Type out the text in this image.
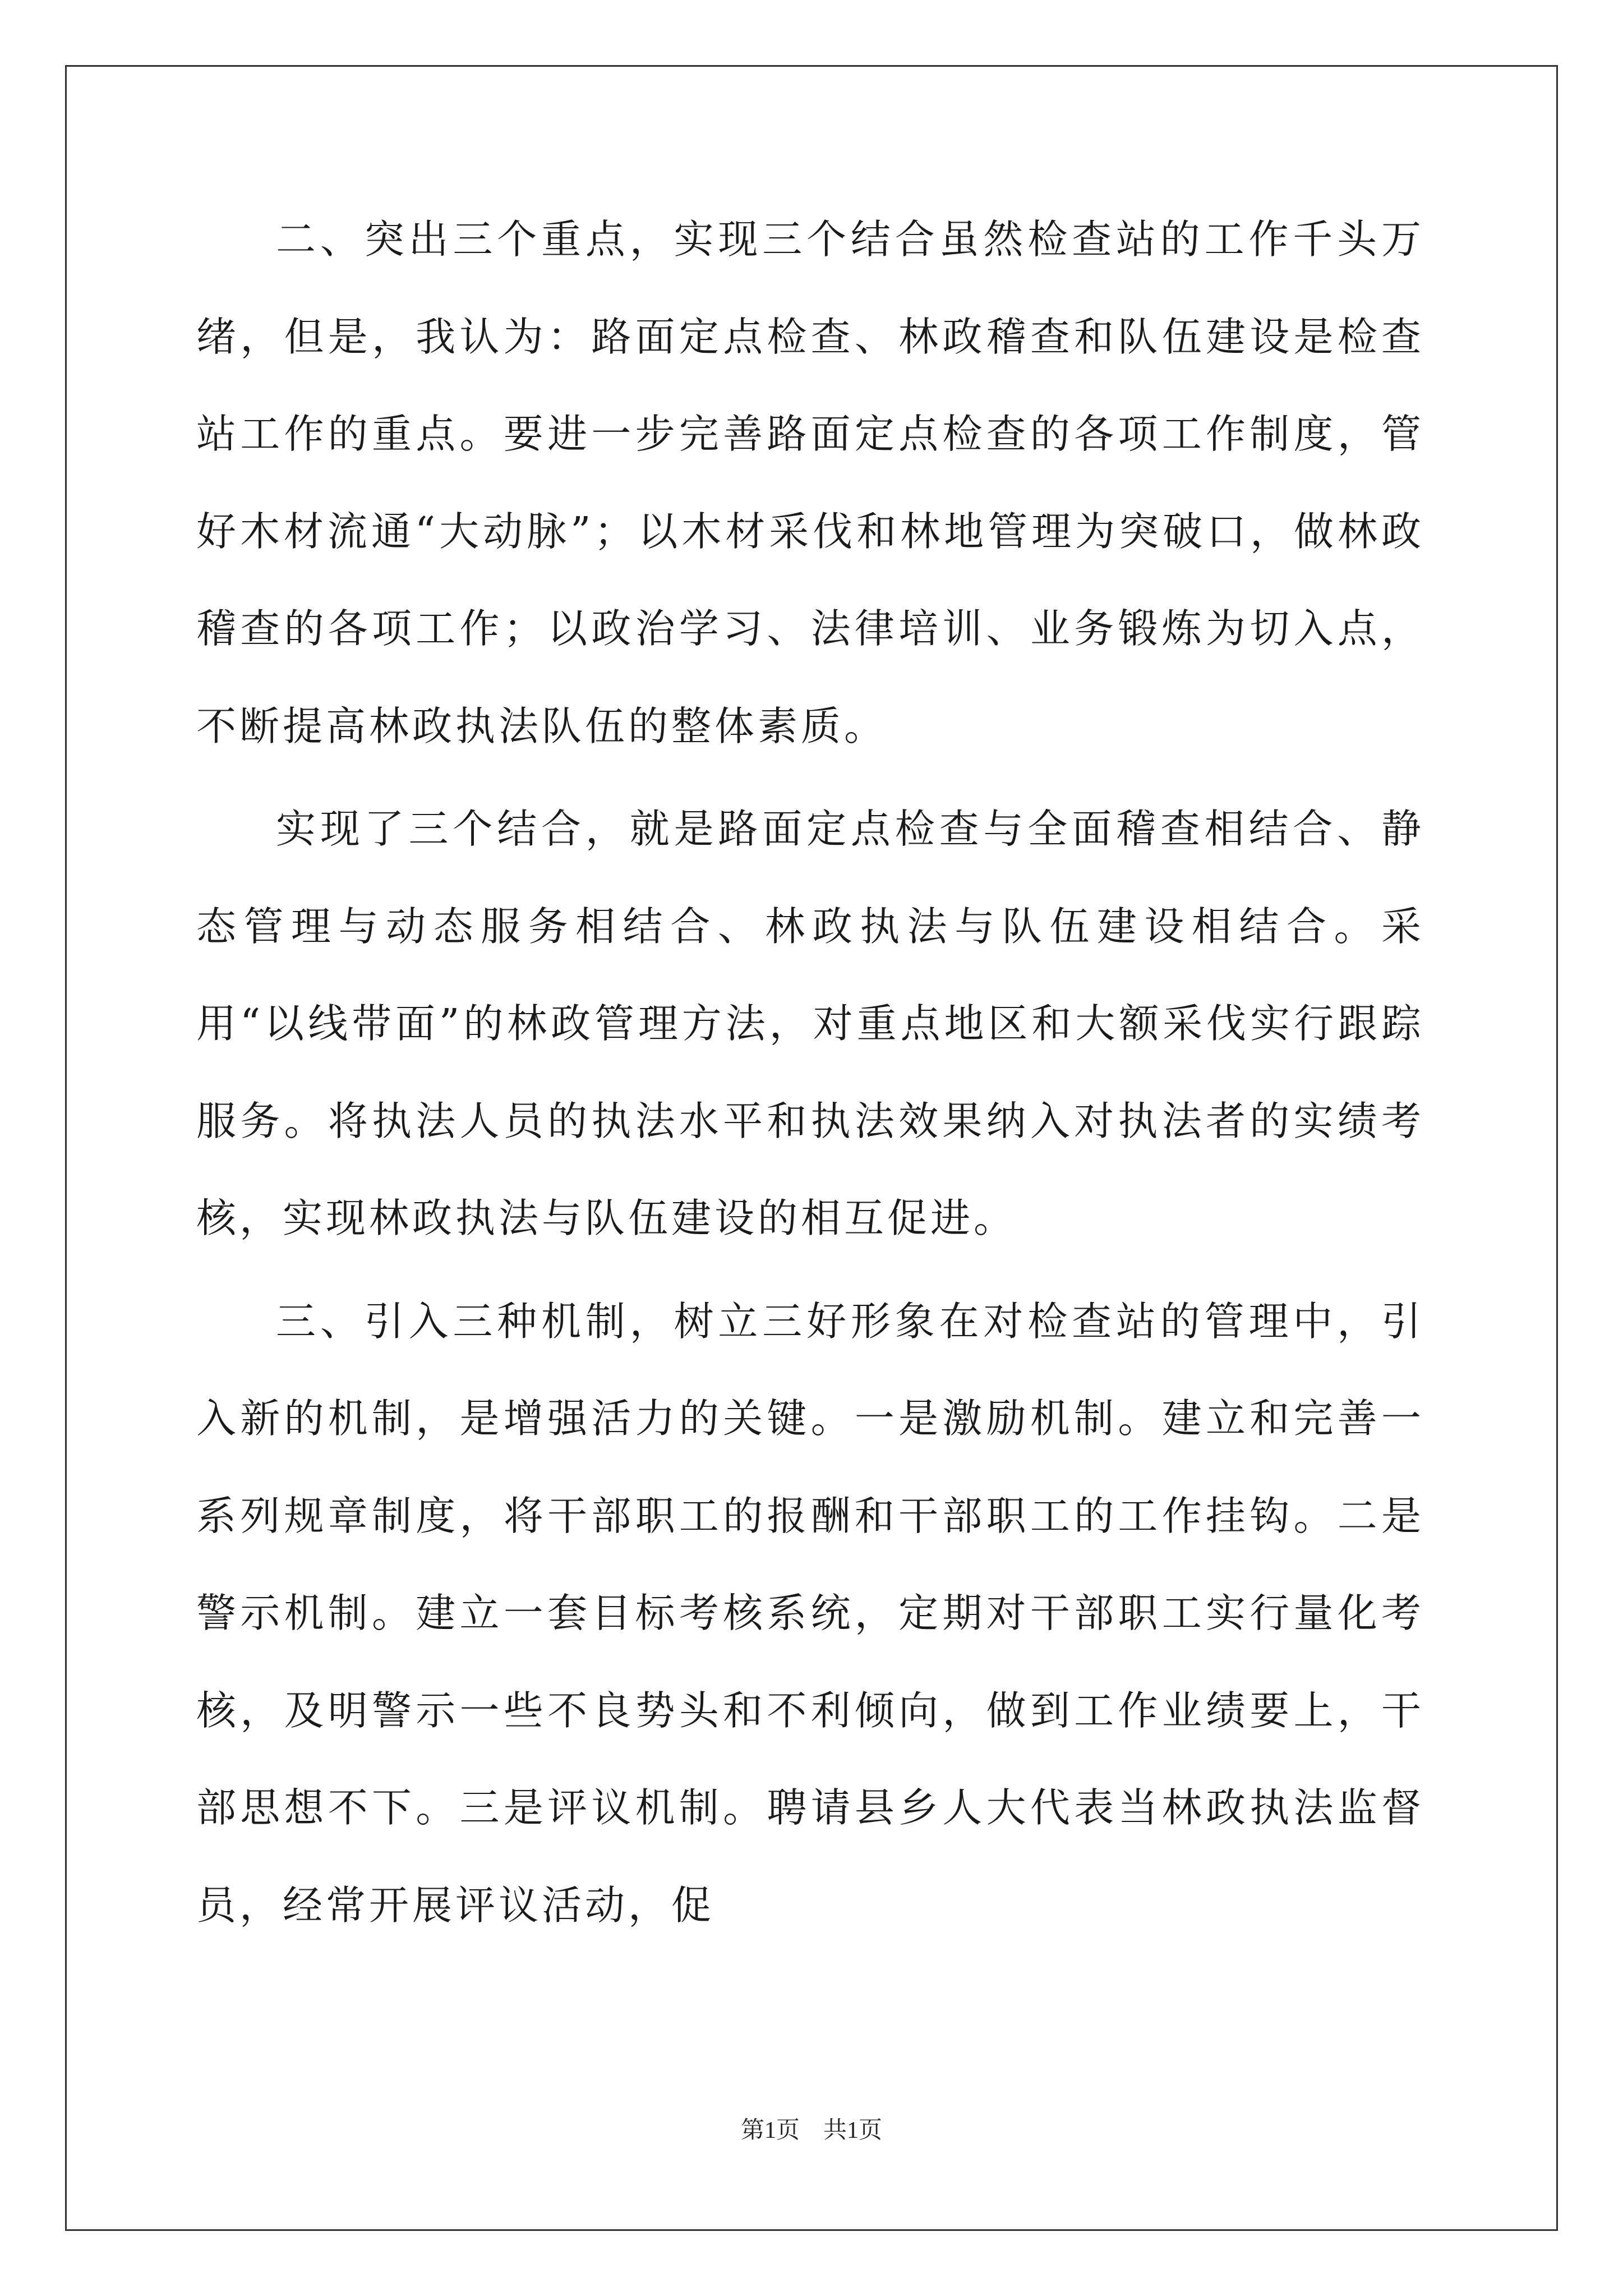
二、突出三个重点，实现三个结合虽然检查站的工作千头万绪，但是，我认为：路面定点检查、林政稽查和队伍建设是检查站工作的重点。要进一步完善路面定点检查的各项工作制度，管好木材流通“大动脉”；以木材采伐和林地管理为突破口，做林政稽查的各项工作；以政治学习、法律培训、业务锻炼为切入点，不断提高林政执法队伍的整体素质。

实现了三个结合，就是路面定点检查与全面稽查相结合、静态管理与动态服务相结合、林政执法与队伍建设相结合。采用“以线带面”的林政管理方法，对重点地区和大额采伐实行跟踪服务。将执法人员的执法水平和执法效果纳入对执法者的实绩考核，实现林政执法与队伍建设的相互促进。

三、引入三种机制，树立三好形象在对检查站的管理中，引入新的机制，是增强活力的关键。一是激励机制。建立和完善一系列规章制度，将干部职工的报酬和干部职工的工作挂钩。二是警示机制。建立一套目标考核系统，定期对干部职工实行量化考核，及明警示一些不良势头和不利倾向，做到工作业绩要上，干部思想不下。三是评议机制。聘请县乡人大代表当林政执法监督员，经常开展评议活动，促

第1页　共1页
